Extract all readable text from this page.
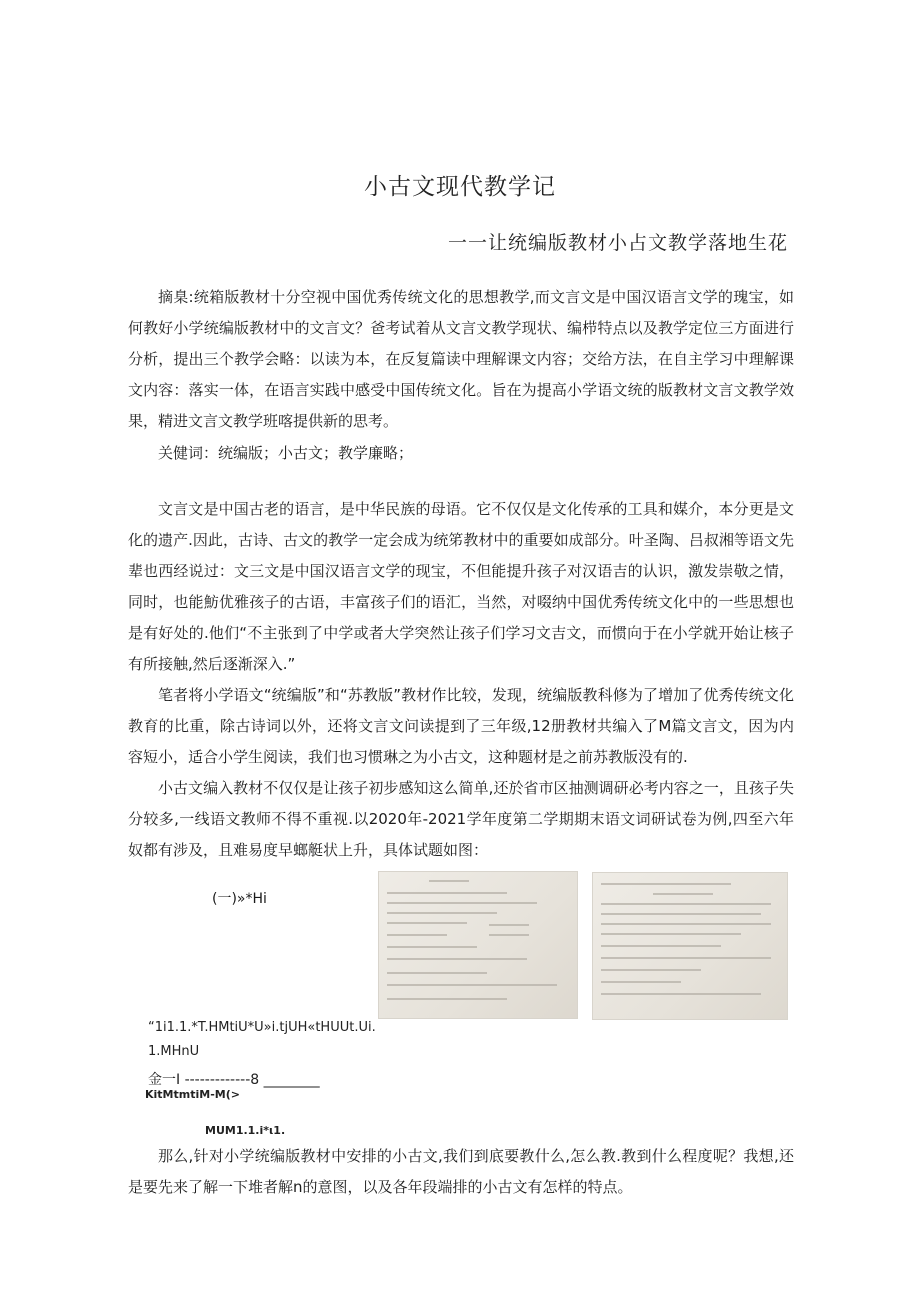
小古文现代教学记
一一让统编版教材小占文教学落地生花

摘臬:统箱版教材十分空视中国优秀传统文化的思想教学,而文言文是中国汉语言文学的瑰宝，如何教好小学统编版教材中的文言文？爸考试着从文言文教学现状、编栉特点以及教学定位三方面进行分析，提出三个教学会略：以读为本，在反复篇读中理解课文内容；交给方法，在自主学习中理解课文内容：落实一体，在语言实践中感受中国传统文化。旨在为提高小学语文统的版教材文言文教学效果，精进文言文教学班喀提供新的思考。

关健词：统编版；小古文；教学廉略；

文言文是中国古老的语言，是中华民族的母语。它不仅仅是文化传承的工具和媒介，本分更是文化的遗产.因此，古诗、古文的教学一定会成为统笫教材中的重要如成部分。叶圣陶、吕叔湘等语文先辈也西经说过：文三文是中国汉语言文学的现宝，不但能提升孩子对汉语吉的认识，激发崇敬之情，同时，也能魴优雅孩子的古语，丰富孩子们的语汇，当然，对啜纳中国优秀传统文化中的一些思想也是有好处的.他们“不主张到了中学或者大学突然让孩子们学习文吉文，而惯向于在小学就开始让核子有所接触,然后逐渐深入.”

笔者将小学语文“统编版”和“苏教版”教材作比较，发现，统编版教科修为了增加了优秀传统文化教育的比重，除古诗词以外，还将文言文问读提到了三年级,12册教材共编入了M篇文言文，因为内容短小，适合小学生阅读，我们也习惯琳之为小古文，这种题材是之前苏教版没有的.

小古文编入教材不仅仅是让孩子初步感知这么简单,还於省市区抽测调研必考内容之一，且孩子失分较多,一线语文教师不得不重视.以2020年-2021学年度第二学期期末语文词研试卷为例,四至六年奴都有涉及，且难易度早螂艇状上升，具体试题如图：

(一)»*Hi
“1i1.1.*T.HMtiU*U»i.tjUH«tHUUt.Ui.
1.MHnU
金一I -------------8 ________
KitMtmtiM-M(>
MUM1.1.i*ι1.

那么,针对小学统编版教材中安排的小古文,我们到底要教什么,怎么教.教到什么程度呢？我想,还是要先来了解一下堆者解n的意图，以及各年段端排的小古文有怎样的特点。
